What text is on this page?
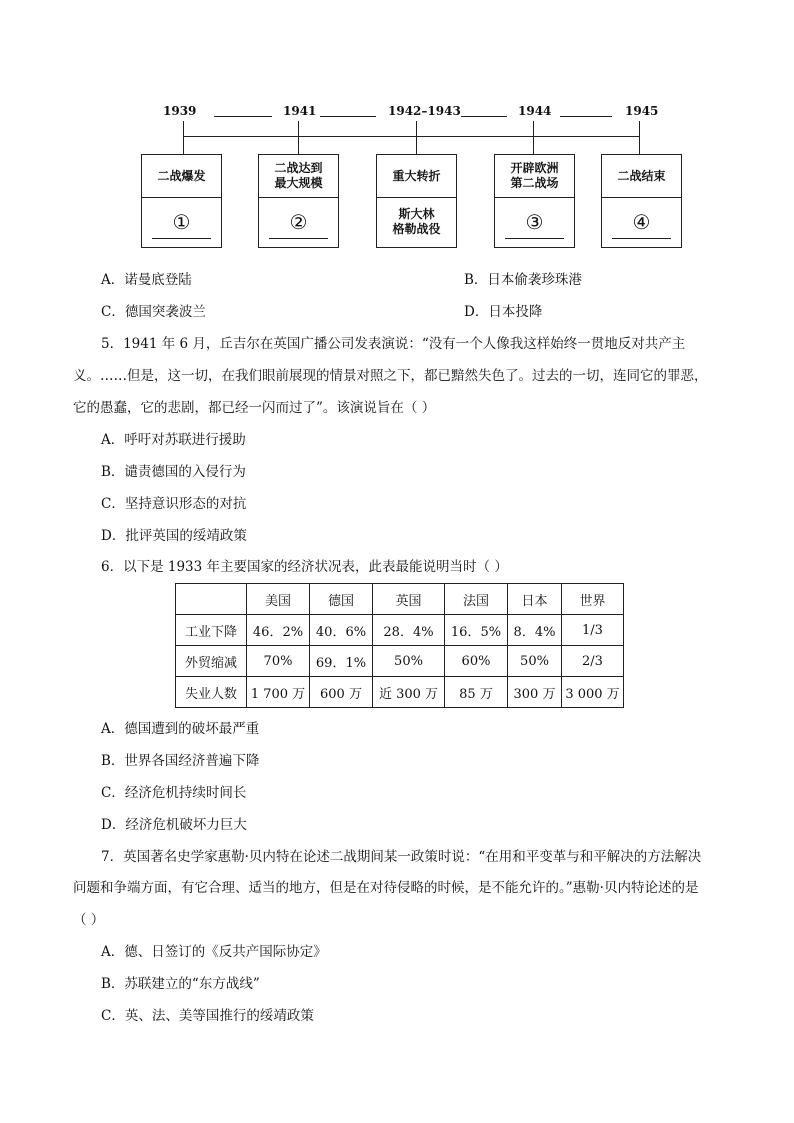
1939	1941	1942–1943	1944	1945
二战爆发
①
二战达到
最大规模
②
重大转折
斯大林
格勒战役
开辟欧洲
第二战场
③
二战结束
④
A．诺曼底登陆	B．日本偷袭珍珠港
C．德国突袭波兰	D．日本投降
5．1941 年 6 月，丘吉尔在英国广播公司发表演说：“没有一个人像我这样始终一贯地反对共产主
义。……但是，这一切，在我们眼前展现的情景对照之下，都已黯然失色了。过去的一切，连同它的罪恶，
它的愚蠢，它的悲剧，都已经一闪而过了”。该演说旨在（ ）
A．呼吁对苏联进行援助
B．谴责德国的入侵行为
C．坚持意识形态的对抗
D．批评英国的绥靖政策
6．以下是 1933 年主要国家的经济状况表，此表最能说明当时（ ）
	美国	德国	英国	法国	日本	世界
工业下降	46．2%	40．6%	28．4%	16．5%	8．4%	1/3
外贸缩减	70%	69．1%	50%	60%	50%	2/3
失业人数	1 700 万	600 万	近 300 万	85 万	300 万	3 000 万
A．德国遭到的破坏最严重
B．世界各国经济普遍下降
C．经济危机持续时间长
D．经济危机破坏力巨大
7．英国著名史学家惠勒·贝内特在论述二战期间某一政策时说：“在用和平变革与和平解决的方法解决
问题和争端方面，有它合理、适当的地方，但是在对待侵略的时候，是不能允许的。”惠勒·贝内特论述的是
（ ）
A．德、日签订的《反共产国际协定》
B．苏联建立的“东方战线”
C．英、法、美等国推行的绥靖政策
